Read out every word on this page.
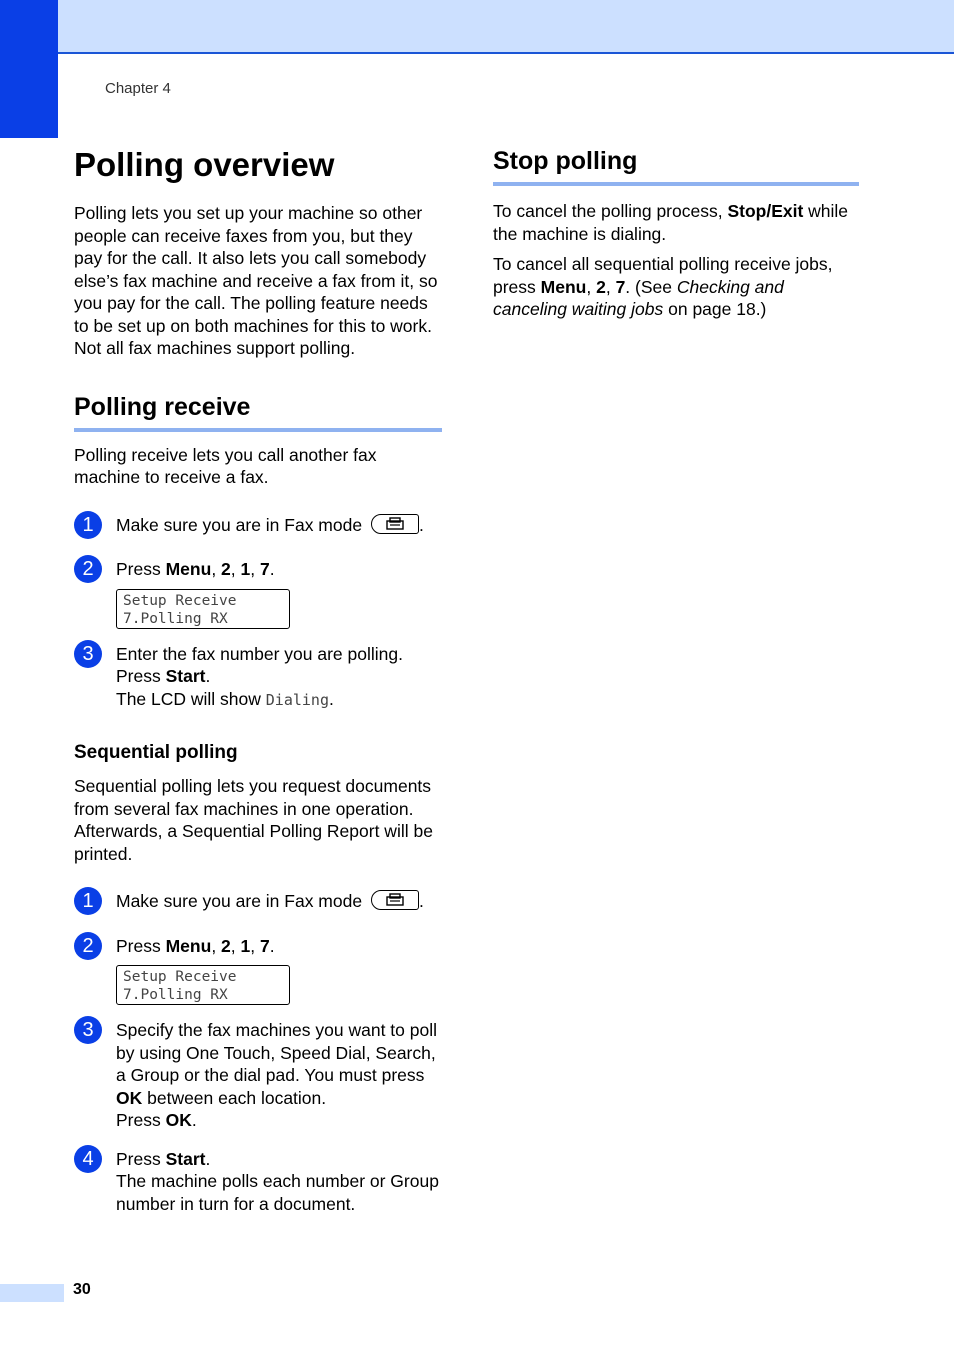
Chapter 4
Polling overview

Polling lets you set up your machine so other people can receive faxes from you, but they pay for the call. It also lets you call somebody else’s fax machine and receive a fax from it, so you pay for the call. The polling feature needs to be set up on both machines for this to work. Not all fax machines support polling.

Polling receive

Polling receive lets you call another fax machine to receive a fax.

1	Make sure you are in Fax mode	.
2	Press Menu, 2, 1, 7.
Setup Receive
7.Polling RX
3	Enter the fax number you are polling.
Press Start.
The LCD will show Dialing.
Sequential polling

Sequential polling lets you request documents from several fax machines in one operation. Afterwards, a Sequential Polling Report will be printed.

1	Make sure you are in Fax mode	.
2	Press Menu, 2, 1, 7.
Setup Receive
7.Polling RX
3	Specify the fax machines you want to poll by using One Touch, Speed Dial, Search, a Group or the dial pad. You must press OK between each location.
Press OK.
4	Press Start.
The machine polls each number or Group number in turn for a document.
Stop polling

To cancel the polling process, Stop/Exit while the machine is dialing.

To cancel all sequential polling receive jobs, press Menu, 2, 7. (See Checking and canceling waiting jobs on page 18.)

30
